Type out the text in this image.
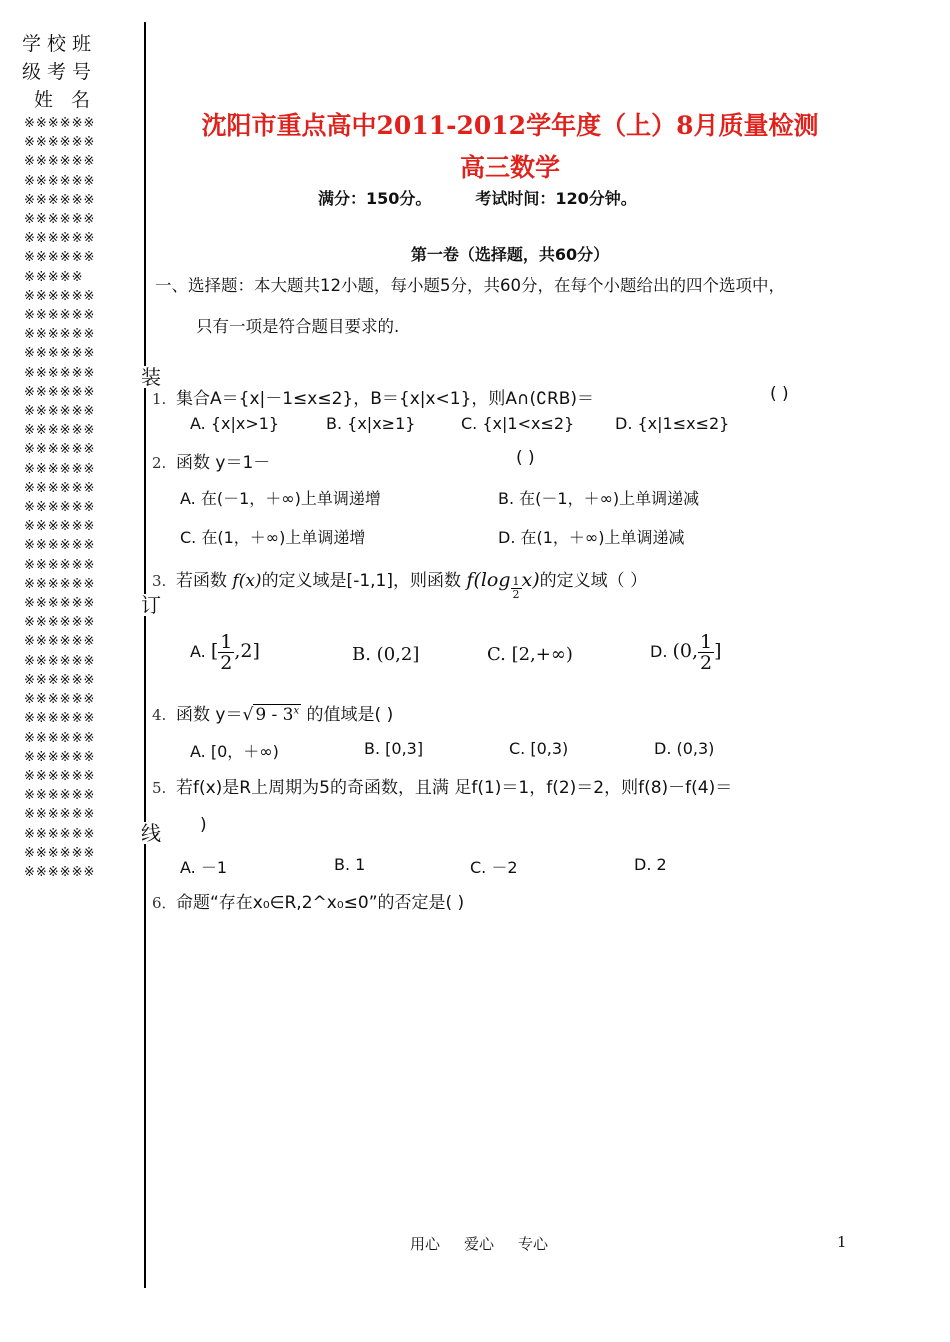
学校班
级考号
姓 名
※※※※※※
※※※※※※
※※※※※※
※※※※※※
※※※※※※
※※※※※※
※※※※※※
※※※※※※
※※※※※
※※※※※※
※※※※※※
※※※※※※
※※※※※※
※※※※※※
※※※※※※
※※※※※※
※※※※※※
※※※※※※
※※※※※※
※※※※※※
※※※※※※
※※※※※※
※※※※※※
※※※※※※
※※※※※※
※※※※※※
※※※※※※
※※※※※※
※※※※※※
※※※※※※
※※※※※※
※※※※※※
※※※※※※
※※※※※※
※※※※※※
※※※※※※
※※※※※※
※※※※※※
※※※※※※
※※※※※※
装
订
线
沈阳市重点高中2011-2012学年度（上）8月质量检测
高三数学
满分：150分。	考试时间：120分钟。
第一卷（选择题，共60分）
一、选择题：本大题共12小题，每小题5分，共60分，在每个小题给出的四个选项中，
只有一项是符合题目要求的.
1. 集合A＝{x|－1≤x≤2}，B＝{x|x<1}，则A∩(∁RB)＝	( )
A. {x|x>1}	B. {x|x≥1}	C. {x|1<x≤2}	D. {x|1≤x≤2}
2. 函数 y＝1－	( )
A. 在(－1，＋∞)上单调递增	B. 在(－1，＋∞)上单调递减
C. 在(1，＋∞)上单调递增	D. 在(1，＋∞)上单调递减
3. 若函数 f(x)的定义域是[-1,1]，则函数 $f(\log \frac{1}{2} x)$的定义域（ ）
A. [ $\frac{1}{2} ,2$]	B. (0,2]	C. [2,+∞)	D. (0, $\frac{1}{2}$ ]
4. 函数 y＝√ 9 - 3$^x$ 的值域是( )
A. [0，＋∞)	B. [0,3]	C. [0,3)	D. (0,3)
5. 若f(x)是R上周期为5的奇函数，且满 足f(1)＝1，f(2)＝2，则f(8)－f(4)＝
)
A. －1	B. 1	C. －2	D. 2
6．命题“存在x₀∈R,2^x₀≤0”的否定是( )
用心 爱心 专心	1
